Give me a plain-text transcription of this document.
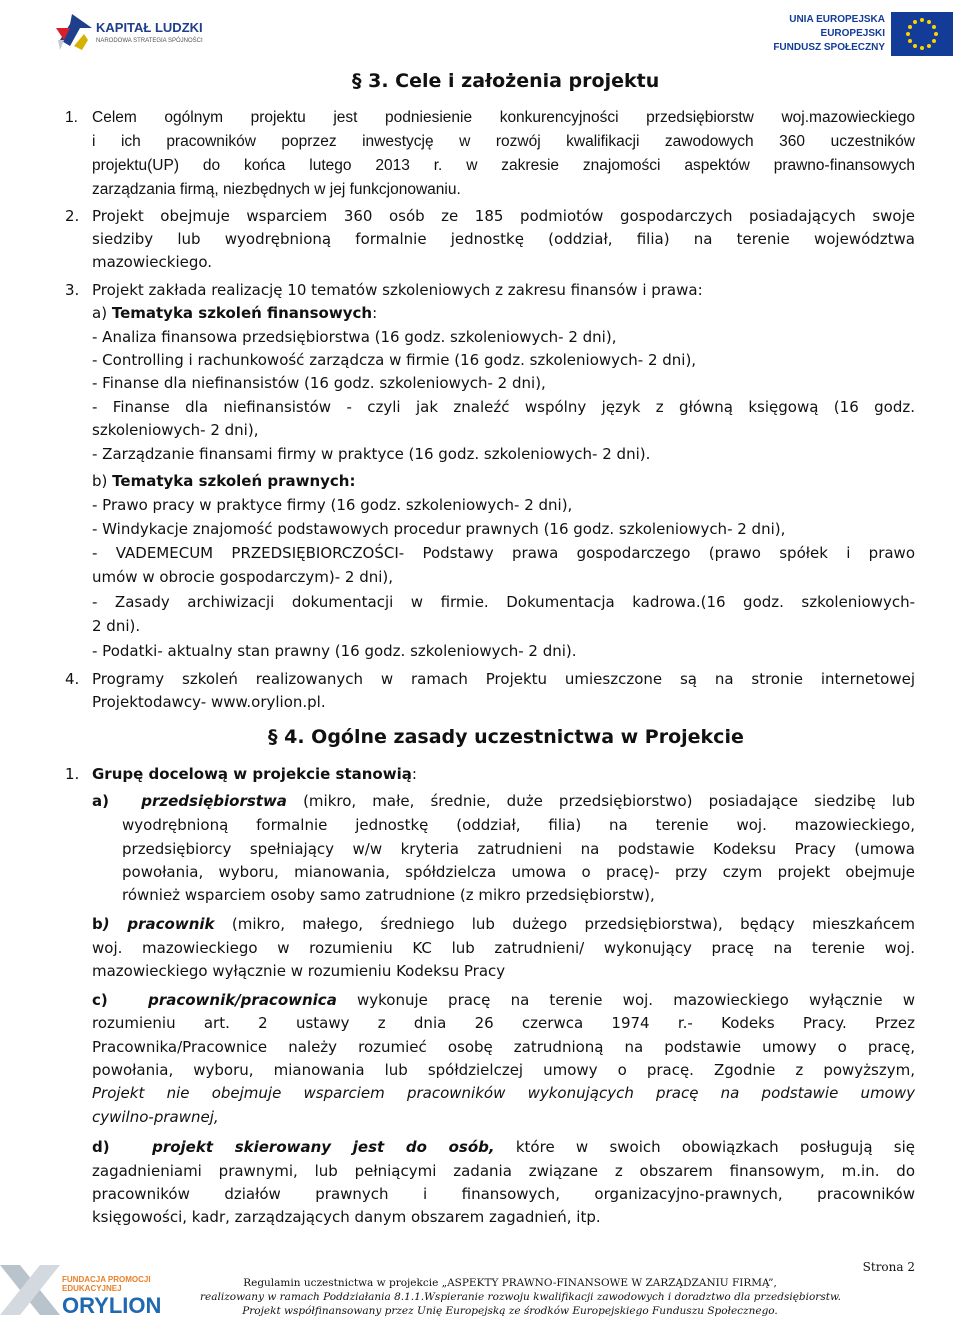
KAPITAŁ LUDZKI
NARODOWA STRATEGIA SPÓJNOŚCI
UNIA EUROPEJSKA
EUROPEJSKI
FUNDUSZ SPOŁECZNY
§ 3. Cele i założenia projektu
1. Celem ogólnym projektu jest podniesienie konkurencyjności przedsiębiorstw woj.mazowieckiego
i ich pracowników poprzez inwestycję w rozwój kwalifikacji zawodowych 360 uczestników
projektu(UP) do końca lutego 2013 r. w zakresie znajomości aspektów prawno-finansowych
zarządzania firmą, niezbędnych w jej funkcjonowaniu.
2. Projekt obejmuje wsparciem 360 osób ze 185 podmiotów gospodarczych posiadających swoje
siedziby lub wyodrębnioną formalnie jednostkę (oddział, filia) na terenie województwa
mazowieckiego.
3. Projekt zakłada realizację 10 tematów szkoleniowych z zakresu finansów i prawa:
a) Tematyka szkoleń finansowych:
- Analiza finansowa przedsiębiorstwa (16 godz. szkoleniowych- 2 dni),
- Controlling i rachunkowość zarządcza w firmie (16 godz. szkoleniowych- 2 dni),
- Finanse dla niefinansistów (16 godz. szkoleniowych- 2 dni),
- Finanse dla niefinansistów - czyli jak znaleźć wspólny język z główną księgową (16 godz.
szkoleniowych- 2 dni),
- Zarządzanie finansami firmy w praktyce (16 godz. szkoleniowych- 2 dni).
b) Tematyka szkoleń prawnych:
- Prawo pracy w praktyce firmy (16 godz. szkoleniowych- 2 dni),
- Windykacje znajomość podstawowych procedur prawnych (16 godz. szkoleniowych- 2 dni),
- VADEMECUM PRZEDSIĘBIORCZOŚCI- Podstawy prawa gospodarczego (prawo spółek i prawo
umów w obrocie gospodarczym)- 2 dni),
- Zasady archiwizacji dokumentacji w firmie. Dokumentacja kadrowa.(16 godz. szkoleniowych-
2 dni).
- Podatki- aktualny stan prawny (16 godz. szkoleniowych- 2 dni).
4. Programy szkoleń realizowanych w ramach Projektu umieszczone są na stronie internetowej
Projektodawcy- www.orylion.pl.
§ 4. Ogólne zasady uczestnictwa w Projekcie
1. Grupę docelową w projekcie stanowią:
a) przedsiębiorstwa (mikro, małe, średnie, duże przedsiębiorstwo) posiadające siedzibę lub
wyodrębnioną formalnie jednostkę (oddział, filia) na terenie woj. mazowieckiego,
przedsiębiorcy spełniający w/w kryteria zatrudnieni na podstawie Kodeksu Pracy (umowa
powołania, wyboru, mianowania, spółdzielcza umowa o pracę)- przy czym projekt obejmuje
również wsparciem osoby samo zatrudnione (z mikro przedsiębiorstw),
b) pracownik (mikro, małego, średniego lub dużego przedsiębiorstwa), będący mieszkańcem
woj. mazowieckiego w rozumieniu KC lub zatrudnieni/ wykonujący pracę na terenie woj.
mazowieckiego wyłącznie w rozumieniu Kodeksu Pracy
c)	pracownik/pracownica wykonuje pracę na terenie woj. mazowieckiego wyłącznie w
rozumieniu art. 2 ustawy z dnia 26 czerwca 1974 r.- Kodeks Pracy. Przez
Pracownika/Pracownice należy rozumieć osobę zatrudnioną na podstawie umowy o pracę,
powołania, wyboru, mianowania lub spółdzielczej umowy o pracę. Zgodnie z powyższym,
Projekt nie obejmuje wsparciem pracowników wykonujących pracę na podstawie umowy
cywilno-prawnej,
d)	projekt skierowany jest do osób, które w swoich obowiązkach posługują się
zagadnieniami prawnymi, lub pełniącymi zadania związane z obszarem finansowym, m.in. do
pracowników działów prawnych i finansowych, organizacyjno-prawnych, pracowników
księgowości, kadr, zarządzających danym obszarem zagadnień, itp.
Strona 2
FUNDACJA PROMOCJI
EDUKACYJNEJ
ORYLION
Regulamin uczestnictwa w projekcie „ASPEKTY PRAWNO-FINANSOWE W ZARZĄDZANIU FIRMĄ”,
realizowany w ramach Poddziałania 8.1.1.Wspieranie rozwoju kwalifikacji zawodowych i doradztwo dla przedsiębiorstw.
Projekt współfinansowany przez Unię Europejską ze środków Europejskiego Funduszu Społecznego.
